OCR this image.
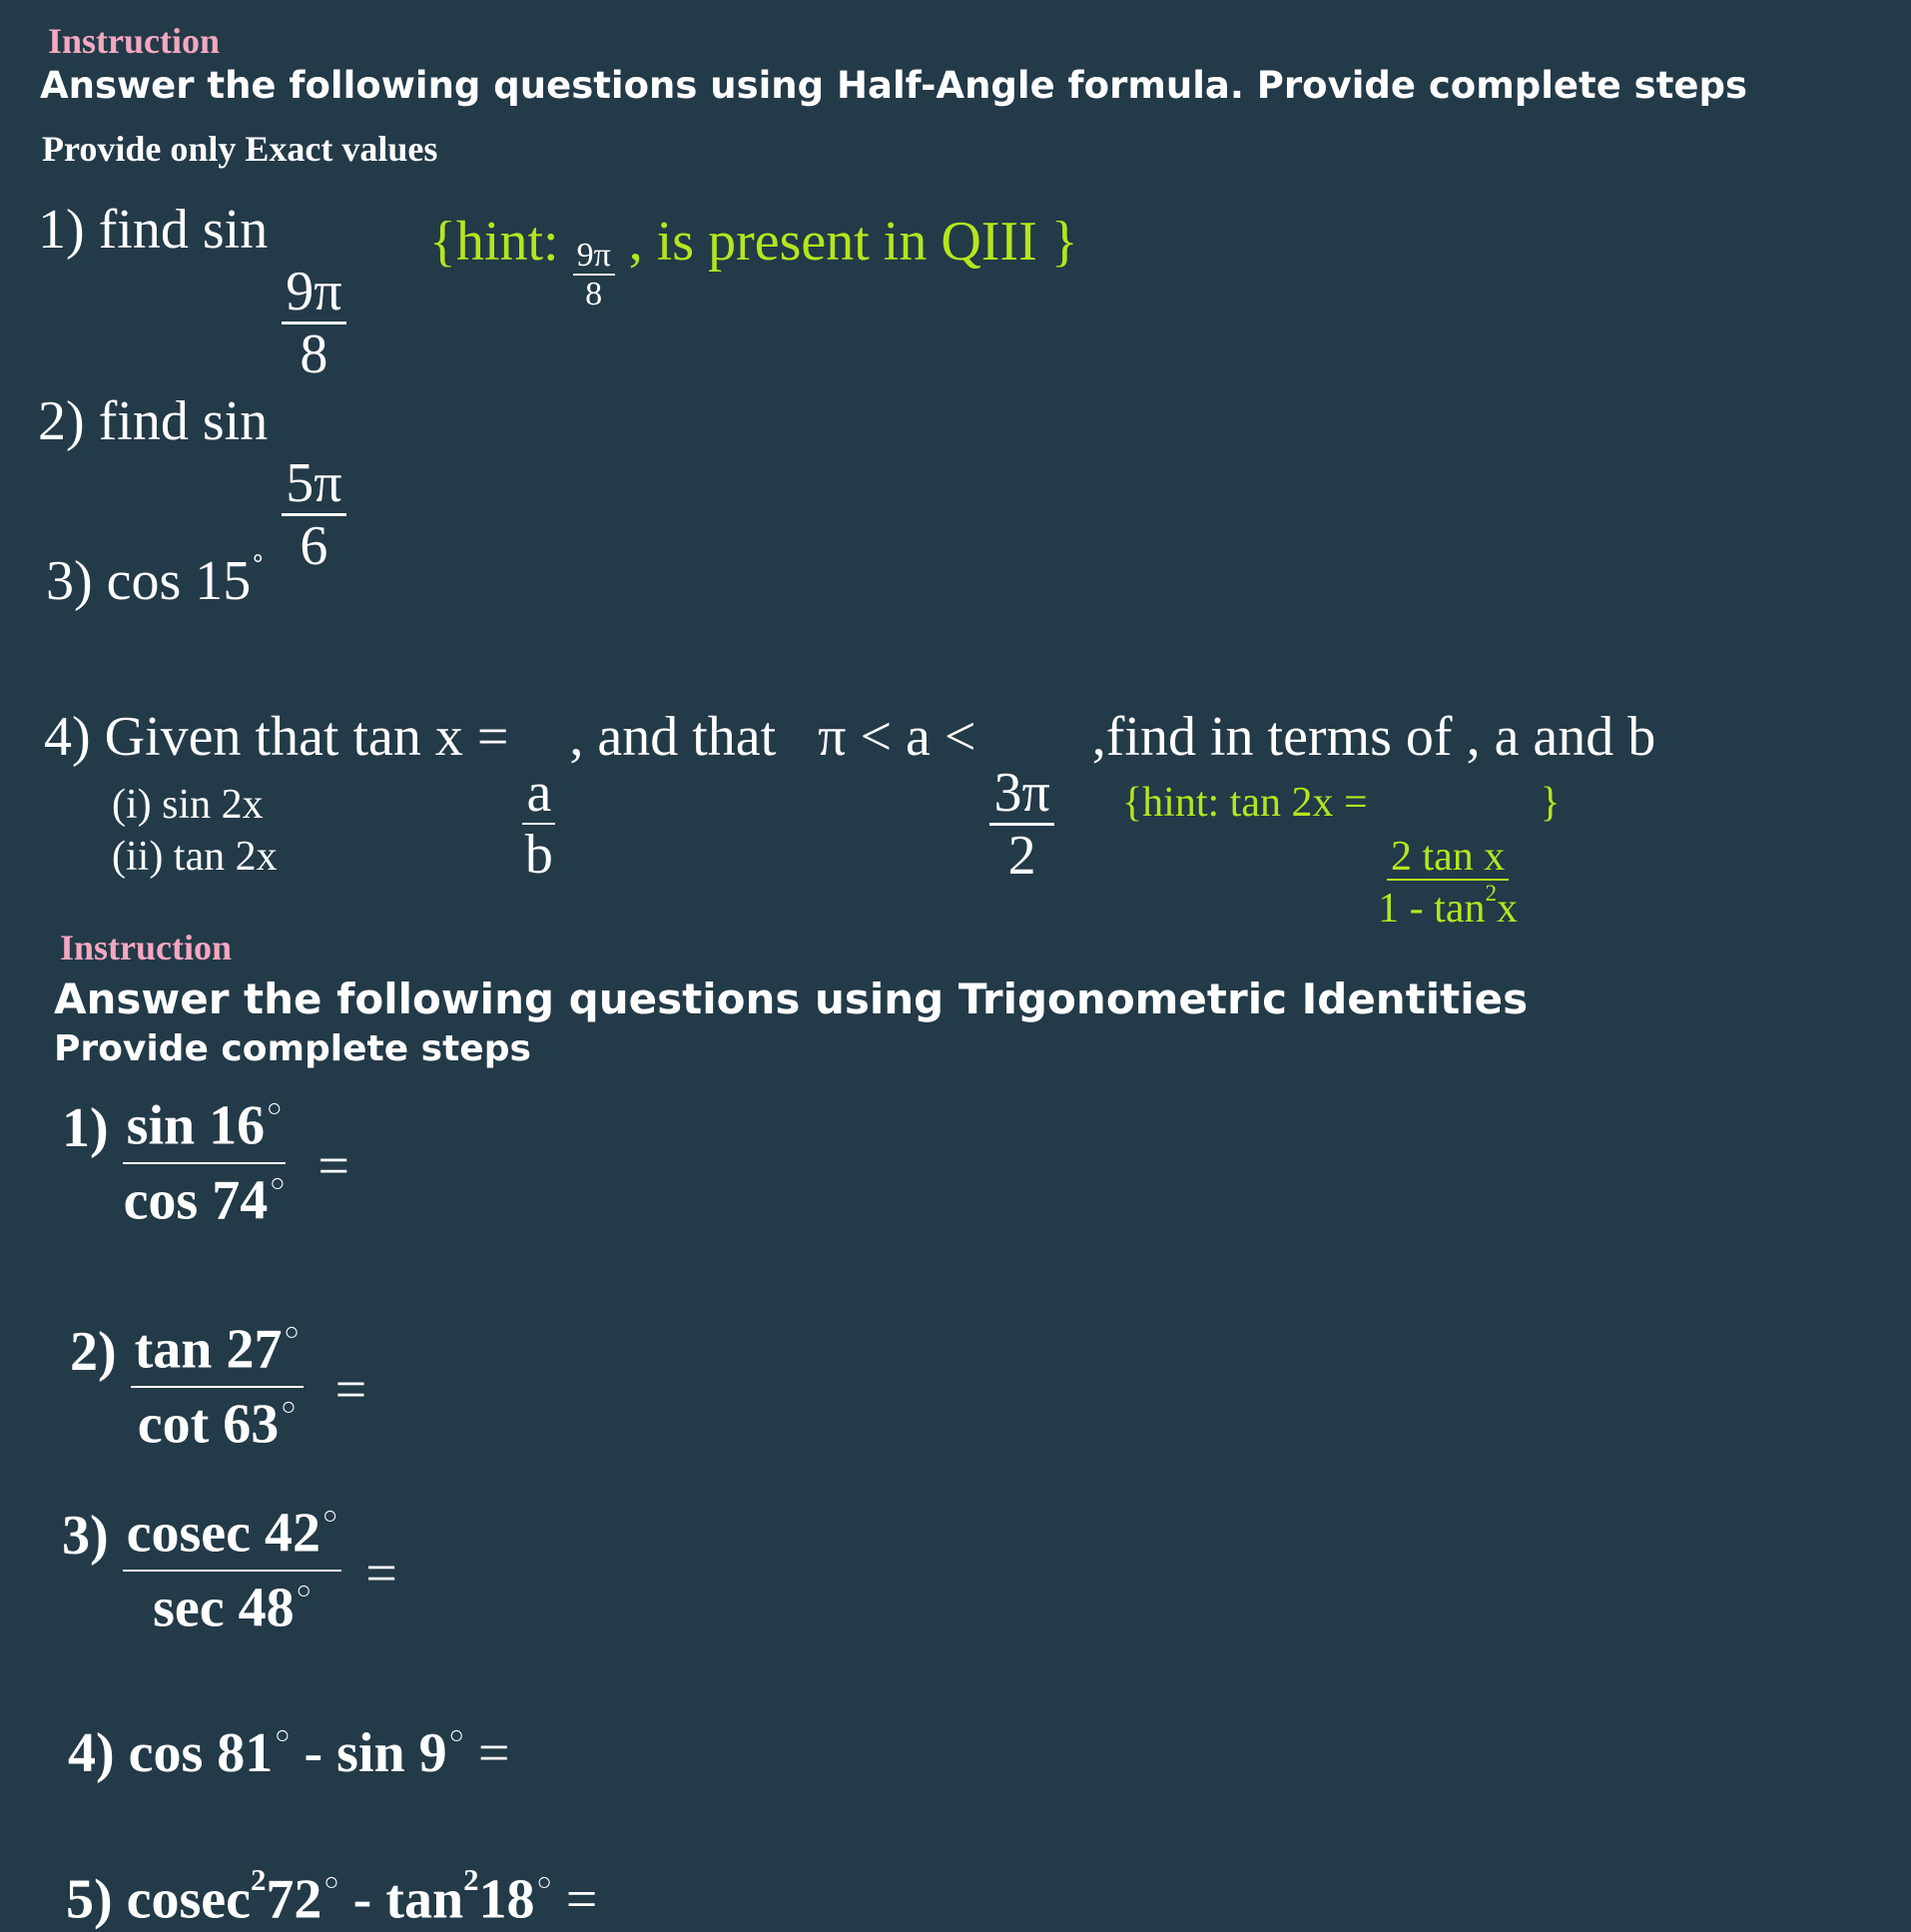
Instruction
Answer the following questions using Half-Angle formula. Provide complete steps
Provide only Exact values
1) find sin
$\frac{9\pi}{8}$
{hint: $\frac{9\pi}{8}$ , is present in QIII }
2) find sin
$\frac{5\pi}{6}$
3) cos 15°
4) Given that tan x =
$\frac{a}{b}$
, and that π < a <
$\frac{3\pi}{2}$
,find in terms of , a and b
(i) sin 2x
(ii) tan 2x
{hint: tan 2x =
$\frac{\text{2 tan x}}{1 - \tan^2x}$
}
Instruction
Answer the following questions using Trigonometric Identities
Provide complete steps
$1) \frac{\sin 16^○}{\cos 74^○}$ =
$2) \frac{\tan 27^○}{\cot 63^○}$ =
$3) \frac{cosec 42^○}{\sec 48^○}$ =
4) cos 81○ - sin 9○ =
5) $cosec^272^○ - \tan^218^○$ =
